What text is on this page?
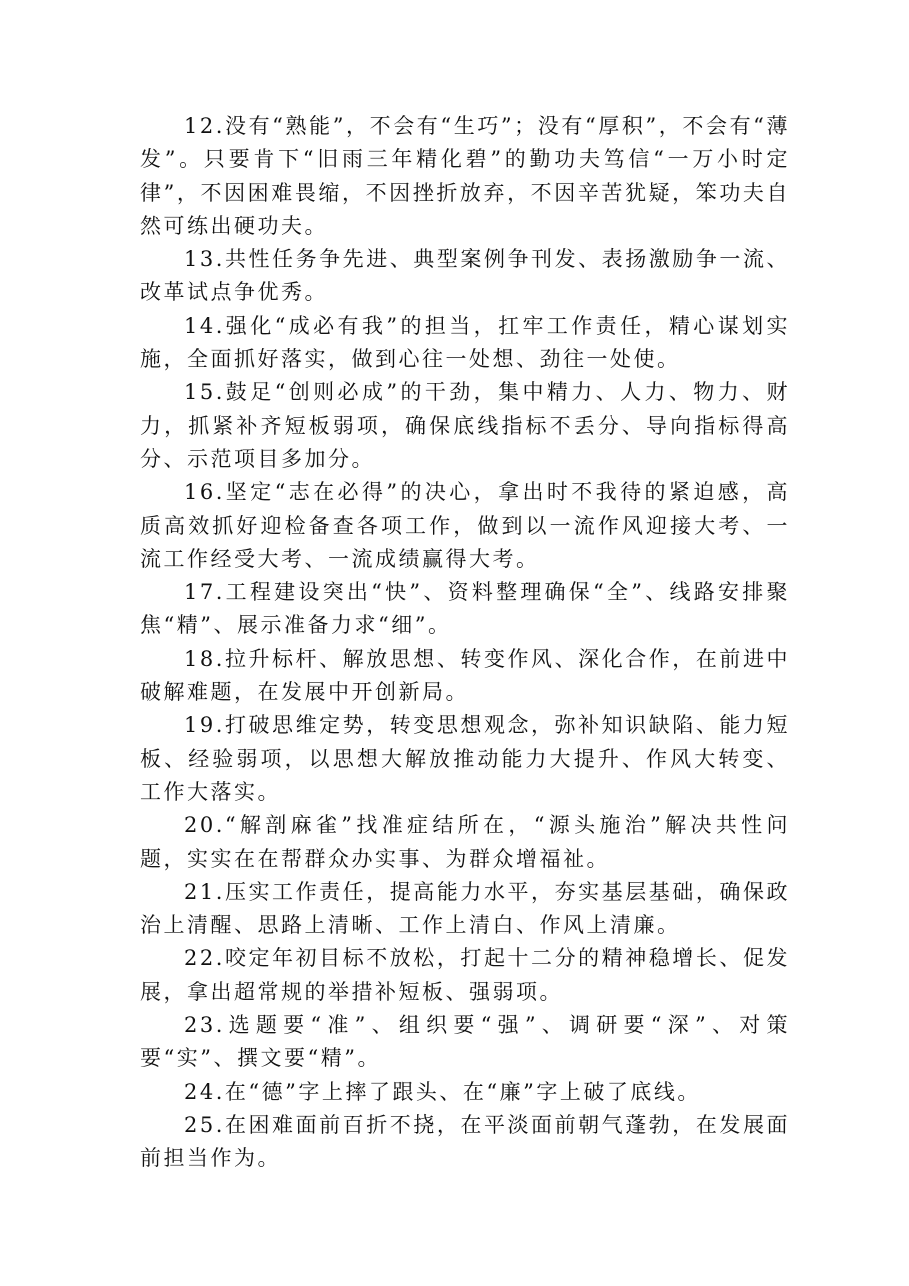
12.没有“熟能”，不会有“生巧”；没有“厚积”，不会有“薄发”。只要肯下“旧雨三年精化碧”的勤功夫笃信“一万小时定律”，不因困难畏缩，不因挫折放弃，不因辛苦犹疑，笨功夫自然可练出硬功夫。

13.共性任务争先进、典型案例争刊发、表扬激励争一流、改革试点争优秀。

14.强化“成必有我”的担当，扛牢工作责任，精心谋划实施，全面抓好落实，做到心往一处想、劲往一处使。

15.鼓足“创则必成”的干劲，集中精力、人力、物力、财力，抓紧补齐短板弱项，确保底线指标不丢分、导向指标得高分、示范项目多加分。

16.坚定“志在必得”的决心，拿出时不我待的紧迫感，高质高效抓好迎检备查各项工作，做到以一流作风迎接大考、一流工作经受大考、一流成绩赢得大考。

17.工程建设突出“快”、资料整理确保“全”、线路安排聚焦“精”、展示准备力求“细”。

18.拉升标杆、解放思想、转变作风、深化合作，在前进中破解难题，在发展中开创新局。

19.打破思维定势，转变思想观念，弥补知识缺陷、能力短板、经验弱项，以思想大解放推动能力大提升、作风大转变、工作大落实。

20.“解剖麻雀”找准症结所在，“源头施治”解决共性问题，实实在在帮群众办实事、为群众增福祉。

21.压实工作责任，提高能力水平，夯实基层基础，确保政治上清醒、思路上清晰、工作上清白、作风上清廉。

22.咬定年初目标不放松，打起十二分的精神稳增长、促发展，拿出超常规的举措补短板、强弱项。

23.选题要“准”、组织要“强”、调研要“深”、对策要“实”、撰文要“精”。

24.在“德”字上摔了跟头、在“廉”字上破了底线。

25.在困难面前百折不挠，在平淡面前朝气蓬勃，在发展面前担当作为。
